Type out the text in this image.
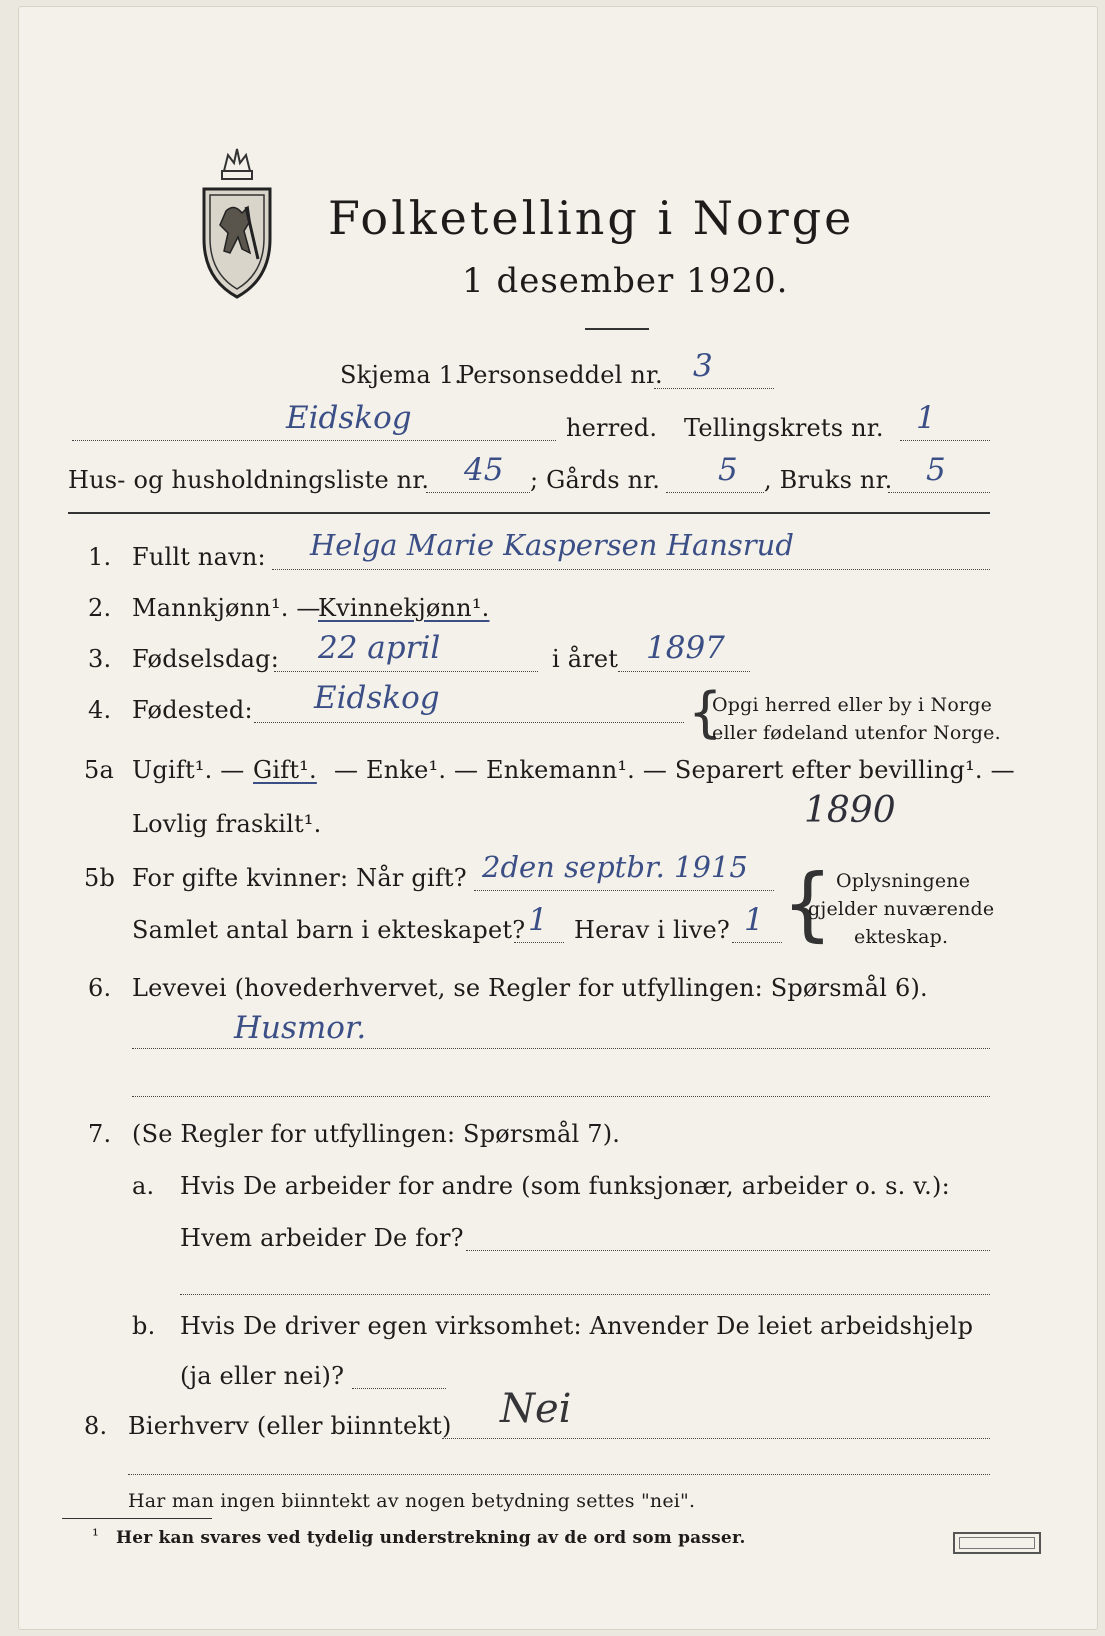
Folketelling i Norge
1 desember 1920.
Skjema 1.
Personseddel nr. 3
Eidskog	herred. Tellingskrets nr. 1
Hus- og husholdningsliste nr. 45 ; Gårds nr. 5 , Bruks nr. 5
1. Fullt navn: Helga Marie Kaspersen Hansrud
2. Mannkjønn¹. —
Kvinnekjønn¹.
3. Fødselsdag: 22 april	i året 1897
4. Fødested: Eidskog	{
Opgi herred eller by i Norge
eller fødeland utenfor Norge.
5a Ugift¹. — Gift¹. — Enke¹. — Enkemann¹. — Separert efter bevilling¹. —
Lovlig fraskilt¹.	1890
5b For gifte kvinner: Når gift? 2den septbr. 1915
Samlet antal barn i ekteskapet? 1 Herav i live? 1 { Oplysningene
gjelder nuværende
ekteskap.
6. Levevei (hovederhvervet, se Regler for utfyllingen: Spørsmål 6).
Husmor.
7. (Se Regler for utfyllingen: Spørsmål 7).
a. Hvis De arbeider for andre (som funksjonær, arbeider o. s. v.):
Hvem arbeider De for?
b. Hvis De driver egen virksomhet: Anvender De leiet arbeidshjelp
(ja eller nei)?
8. Bierhverv (eller biinntekt) Nei
Har man ingen biinntekt av nogen betydning settes "nei".
¹ Her kan svares ved tydelig understrekning av de ord som passer.
